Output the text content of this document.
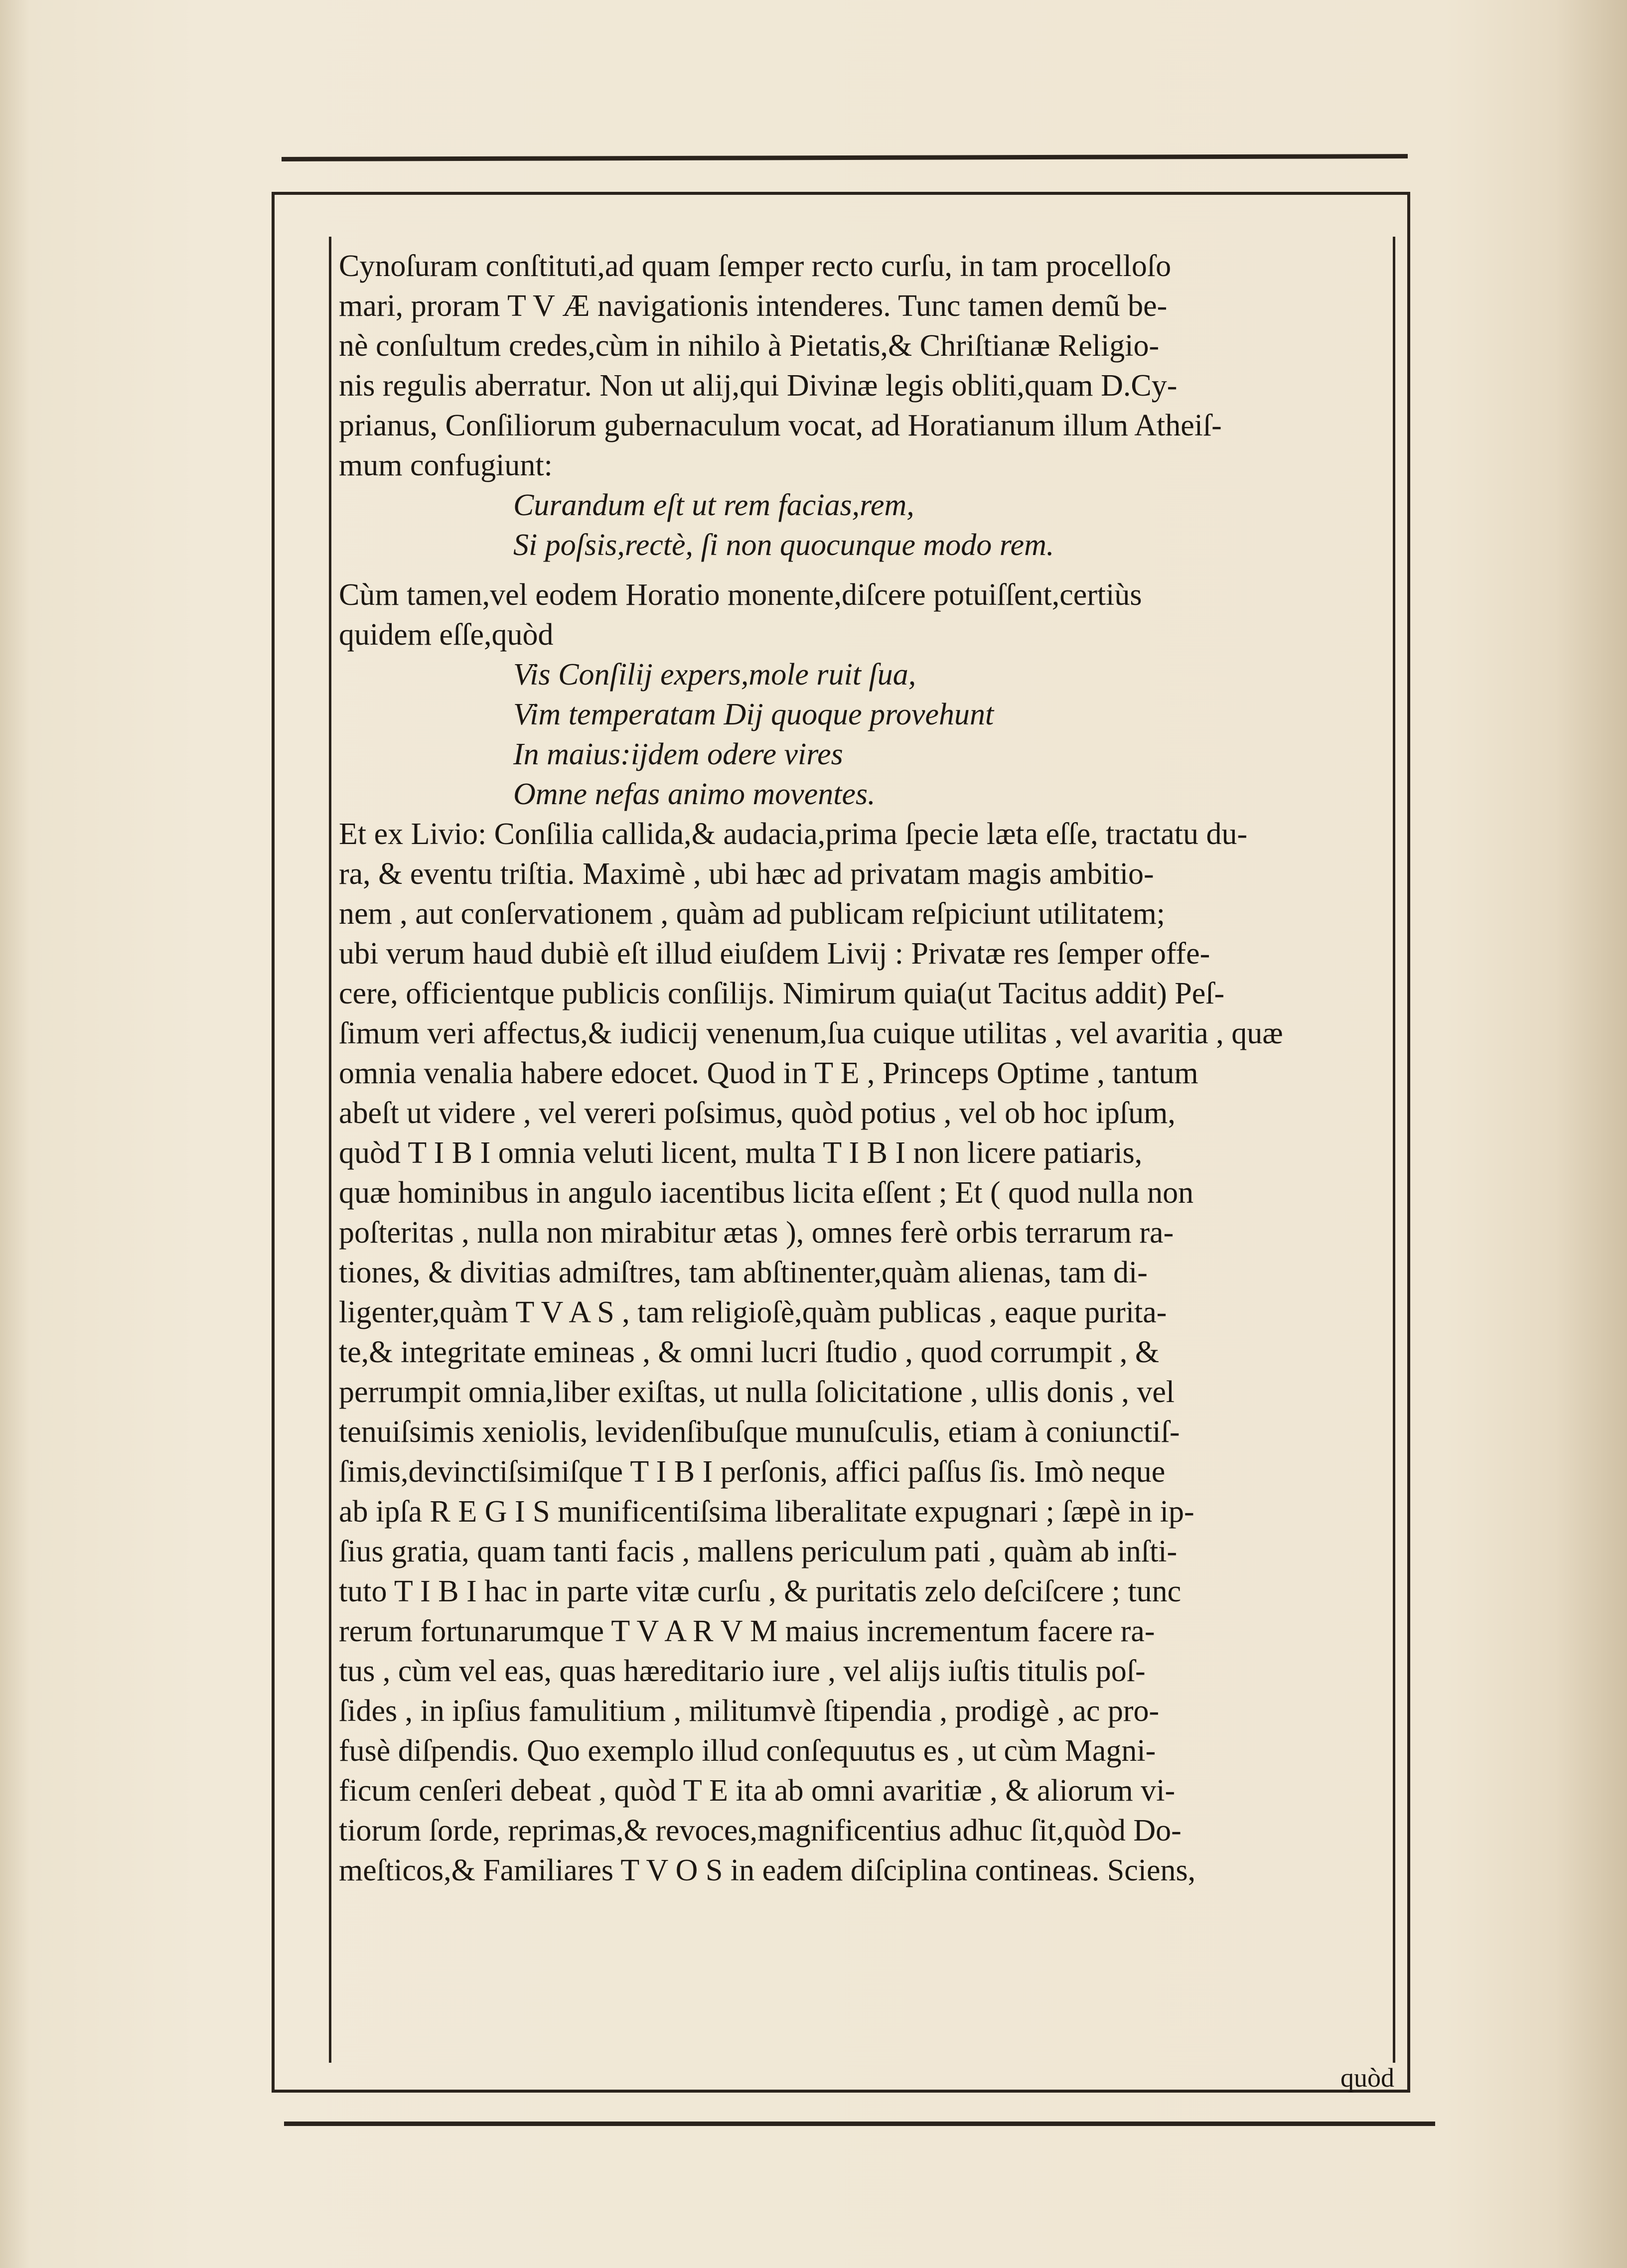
Cynoſuram conſtituti,ad quam ſemper recto curſu, in tam procelloſo
mari, proram T V Æ navigationis intenderes. Tunc tamen demũ be-
nè conſultum credes,cùm in nihilo à Pietatis,& Chriſtianæ Religio-
nis regulis aberratur. Non ut alij,qui Divinæ legis obliti,quam D.Cy-
prianus, Conſiliorum gubernaculum vocat, ad Horatianum illum Atheiſ-
mum confugiunt:
Curandum eſt ut rem facias,rem,
Si poſsis,rectè, ſi non quocunque modo rem.
Cùm tamen,vel eodem Horatio monente,diſcere potuiſſent,certiùs
quidem eſſe,quòd
Vis Conſilij expers,mole ruit ſua,
Vim temperatam Dij quoque provehunt
In maius:ijdem odere vires
Omne nefas animo moventes.
Et ex Livio: Conſilia callida,& audacia,prima ſpecie læta eſſe, tractatu du-
ra, & eventu triſtia. Maximè , ubi hæc ad privatam magis ambitio-
nem , aut conſervationem , quàm ad publicam reſpiciunt utilitatem;
ubi verum haud dubiè eſt illud eiuſdem Livij : Privatæ res ſemper offe-
cere, officientque publicis conſilijs. Nimirum quia(ut Tacitus addit) Peſ-
ſimum veri affectus,& iudicij venenum,ſua cuique utilitas , vel avaritia , quæ
omnia venalia habere edocet. Quod in T E , Princeps Optime , tantum
abeſt ut videre , vel vereri poſsimus, quòd potius , vel ob hoc ipſum,
quòd T I B I omnia veluti licent, multa T I B I non licere patiaris,
quæ hominibus in angulo iacentibus licita eſſent ; Et ( quod nulla non
poſteritas , nulla non mirabitur ætas ), omnes ferè orbis terrarum ra-
tiones, & divitias admiſtres, tam abſtinenter,quàm alienas, tam di-
ligenter,quàm T V A S , tam religioſè,quàm publicas , eaque purita-
te,& integritate emineas , & omni lucri ſtudio , quod corrumpit , &
perrumpit omnia,liber exiſtas, ut nulla ſolicitatione , ullis donis , vel
tenuiſsimis xeniolis, levidenſibuſque munuſculis, etiam à coniunctiſ-
ſimis,devinctiſsimiſque T I B I perſonis, affici paſſus ſis. Imò neque
ab ipſa R E G I S munificentiſsima liberalitate expugnari ; ſæpè in ip-
ſius gratia, quam tanti facis , mallens periculum pati , quàm ab inſti-
tuto T I B I hac in parte vitæ curſu , & puritatis zelo deſciſcere ; tunc
rerum fortunarumque T V A R V M maius incrementum facere ra-
tus , cùm vel eas, quas hæreditario iure , vel alijs iuſtis titulis poſ-
ſides , in ipſius famulitium , militumvè ſtipendia , prodigè , ac pro-
fusè diſpendis. Quo exemplo illud conſequutus es , ut cùm Magni-
ficum cenſeri debeat , quòd T E ita ab omni avaritiæ , & aliorum vi-
tiorum ſorde, reprimas,& revoces,magnificentius adhuc ſit,quòd Do-
meſticos,& Familiares T V O S in eadem diſciplina contineas. Sciens,
quòd
